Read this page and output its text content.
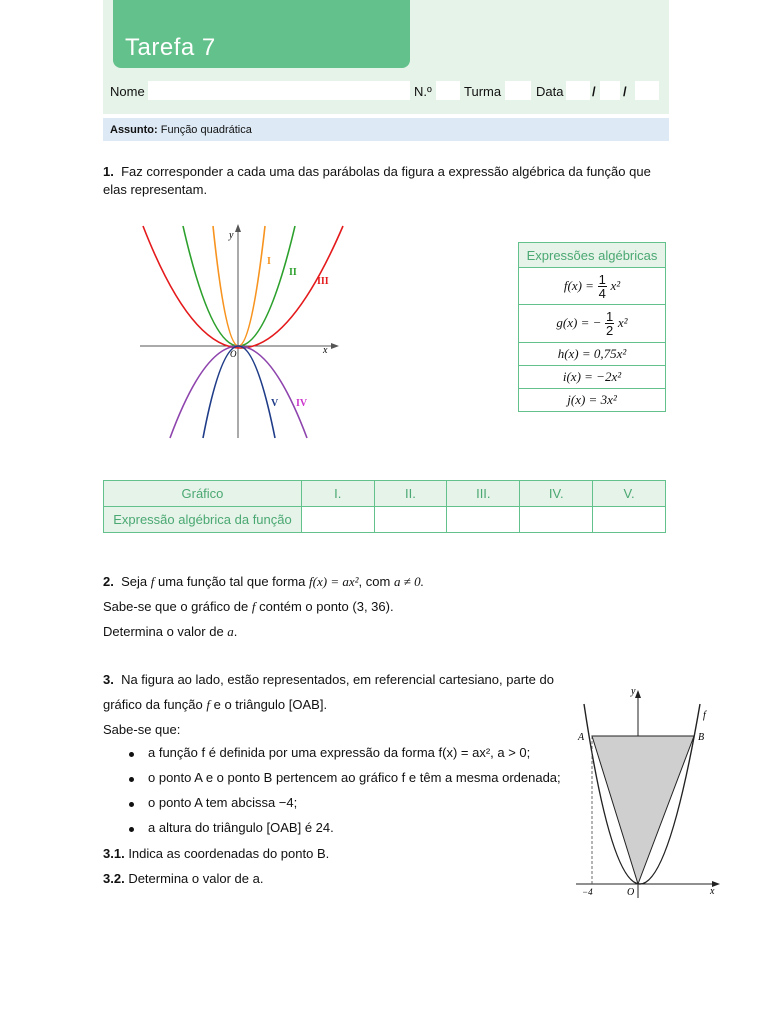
Tarefa 7
Nome	N.º Turma	Data / /
Assunto: Função quadrática
1. Faz corresponder a cada uma das parábolas da figura a expressão algébrica da função que elas representam.
y
x
O
I
II
III
IV
V
Expressões algébricas
$f(x) = \frac{1}{4} x^2$
g(x) = − $\frac{1}{2} x^2$
h(x) = 0,75x²
i(x) = −2x²
j(x) = 3x²
Gráfico	I.	II.	III.	IV.	V.
Expressão algébrica da função					
2. Seja f uma função tal que forma f(x) = ax², com a ≠ 0.
Sabe-se que o gráfico de f contém o ponto (3, 36).
Determina o valor de a.
3. Na figura ao lado, estão representados, em referencial cartesiano, parte do
gráfico da função f e o triângulo [OAB].
Sabe-se que:
a função f é definida por uma expressão da forma f(x) = ax², a > 0;
o ponto A e o ponto B pertencem ao gráfico f e têm a mesma ordenada;
o ponto A tem abcissa −4;
a altura do triângulo [OAB] é 24.
3.1. Indica as coordenadas do ponto B.
3.2. Determina o valor de a.
y
x
f
A	B
O
−4
